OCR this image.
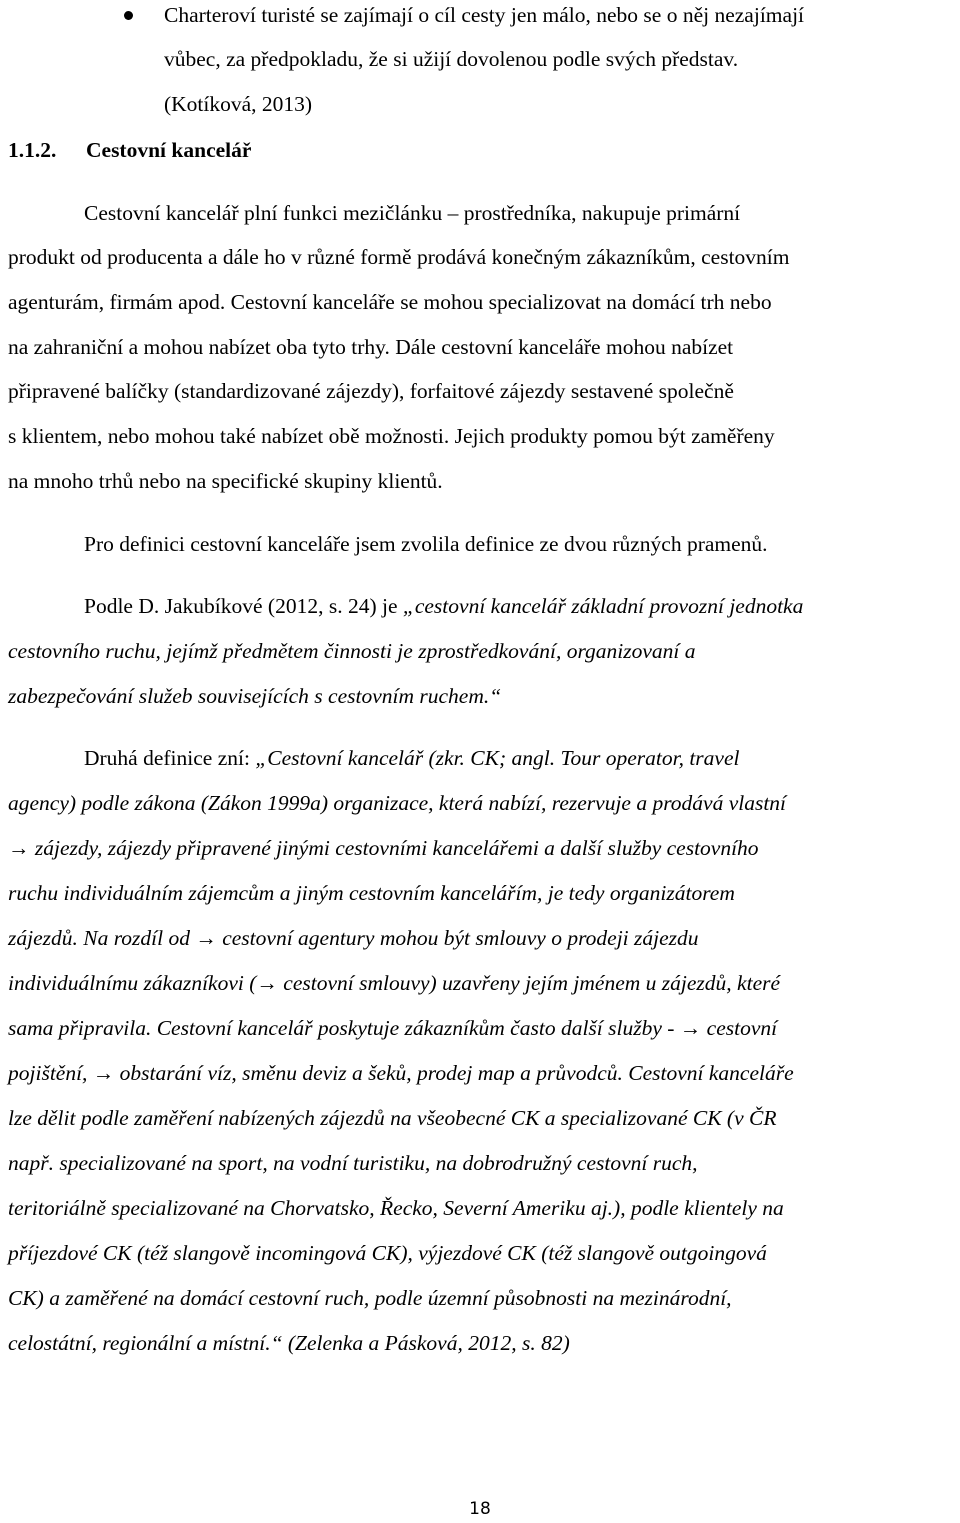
Charteroví turisté se zajímají o cíl cesty jen málo, nebo se o něj nezajímají
vůbec, za předpokladu, že si užijí dovolenou podle svých představ.
(Kotíková, 2013)
1.1.2. Cestovní kancelář
Cestovní kancelář plní funkci mezičlánku – prostředníka, nakupuje primární
produkt od producenta a dále ho v různé formě prodává konečným zákazníkům, cestovním
agenturám, firmám apod. Cestovní kanceláře se mohou specializovat na domácí trh nebo
na zahraniční a mohou nabízet oba tyto trhy. Dále cestovní kanceláře mohou nabízet
připravené balíčky (standardizované zájezdy), forfaitové zájezdy sestavené společně
s klientem, nebo mohou také nabízet obě možnosti. Jejich produkty pomou být zaměřeny
na mnoho trhů nebo na specifické skupiny klientů.
Pro definici cestovní kanceláře jsem zvolila definice ze dvou různých pramenů.
Podle D. Jakubíkové (2012, s. 24) je „cestovní kancelář základní provozní jednotka
cestovního ruchu, jejímž předmětem činnosti je zprostředkování, organizovaní a
zabezpečování služeb souvisejících s cestovním ruchem.“
Druhá definice zní: „Cestovní kancelář (zkr. CK; angl. Tour operator, travel
agency) podle zákona (Zákon 1999a) organizace, která nabízí, rezervuje a prodává vlastní
→ zájezdy, zájezdy připravené jinými cestovními kancelářemi a další služby cestovního
ruchu individuálním zájemcům a jiným cestovním kancelářím, je tedy organizátorem
zájezdů. Na rozdíl od → cestovní agentury mohou být smlouvy o prodeji zájezdu
individuálnímu zákazníkovi (→ cestovní smlouvy) uzavřeny jejím jménem u zájezdů, které
sama připravila. Cestovní kancelář poskytuje zákazníkům často další služby - → cestovní
pojištění, → obstarání víz, směnu deviz a šeků, prodej map a průvodců. Cestovní kanceláře
lze dělit podle zaměření nabízených zájezdů na všeobecné CK a specializované CK (v ČR
např. specializované na sport, na vodní turistiku, na dobrodružný cestovní ruch,
teritoriálně specializované na Chorvatsko, Řecko, Severní Ameriku aj.), podle klientely na
příjezdové CK (též slangově incomingová CK), výjezdové CK (též slangově outgoingová
CK) a zaměřené na domácí cestovní ruch, podle územní působnosti na mezinárodní,
celostátní, regionální a místní.“ (Zelenka a Pásková, 2012, s. 82)
18
